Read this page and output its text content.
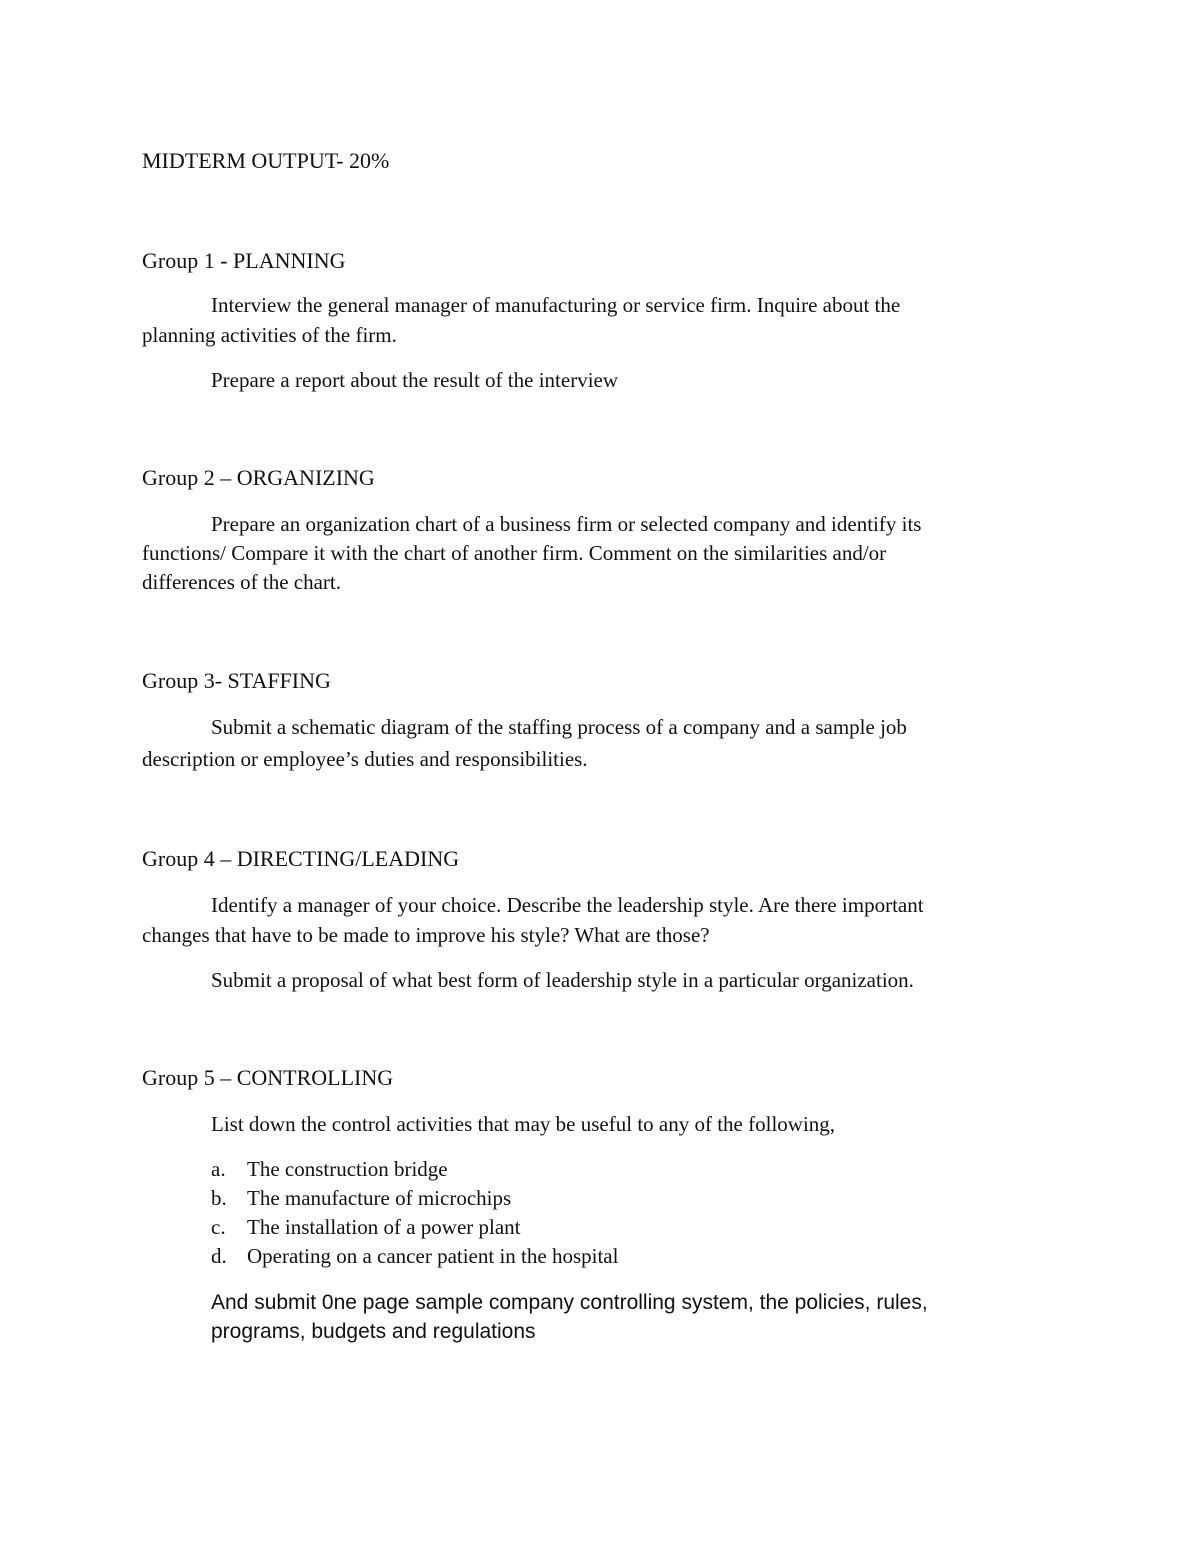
MIDTERM OUTPUT- 20%
Group 1 - PLANNING
Interview the general manager of manufacturing or service firm. Inquire about the
planning activities of the firm.
Prepare a report about the result of the interview
Group 2 – ORGANIZING
Prepare an organization chart of a business firm or selected company and identify its
functions/ Compare it with the chart of another firm. Comment on the similarities and/or
differences of the chart.
Group 3- STAFFING
Submit a schematic diagram of the staffing process of a company and a sample job
description or employee’s duties and responsibilities.
Group 4 – DIRECTING/LEADING
Identify a manager of your choice. Describe the leadership style. Are there important
changes that have to be made to improve his style? What are those?
Submit a proposal of what best form of leadership style in a particular organization.
Group 5 – CONTROLLING
List down the control activities that may be useful to any of the following,
a. The construction bridge
b. The manufacture of microchips
c. The installation of a power plant
d. Operating on a cancer patient in the hospital
And submit 0ne page sample company controlling system, the policies, rules,
programs, budgets and regulations
